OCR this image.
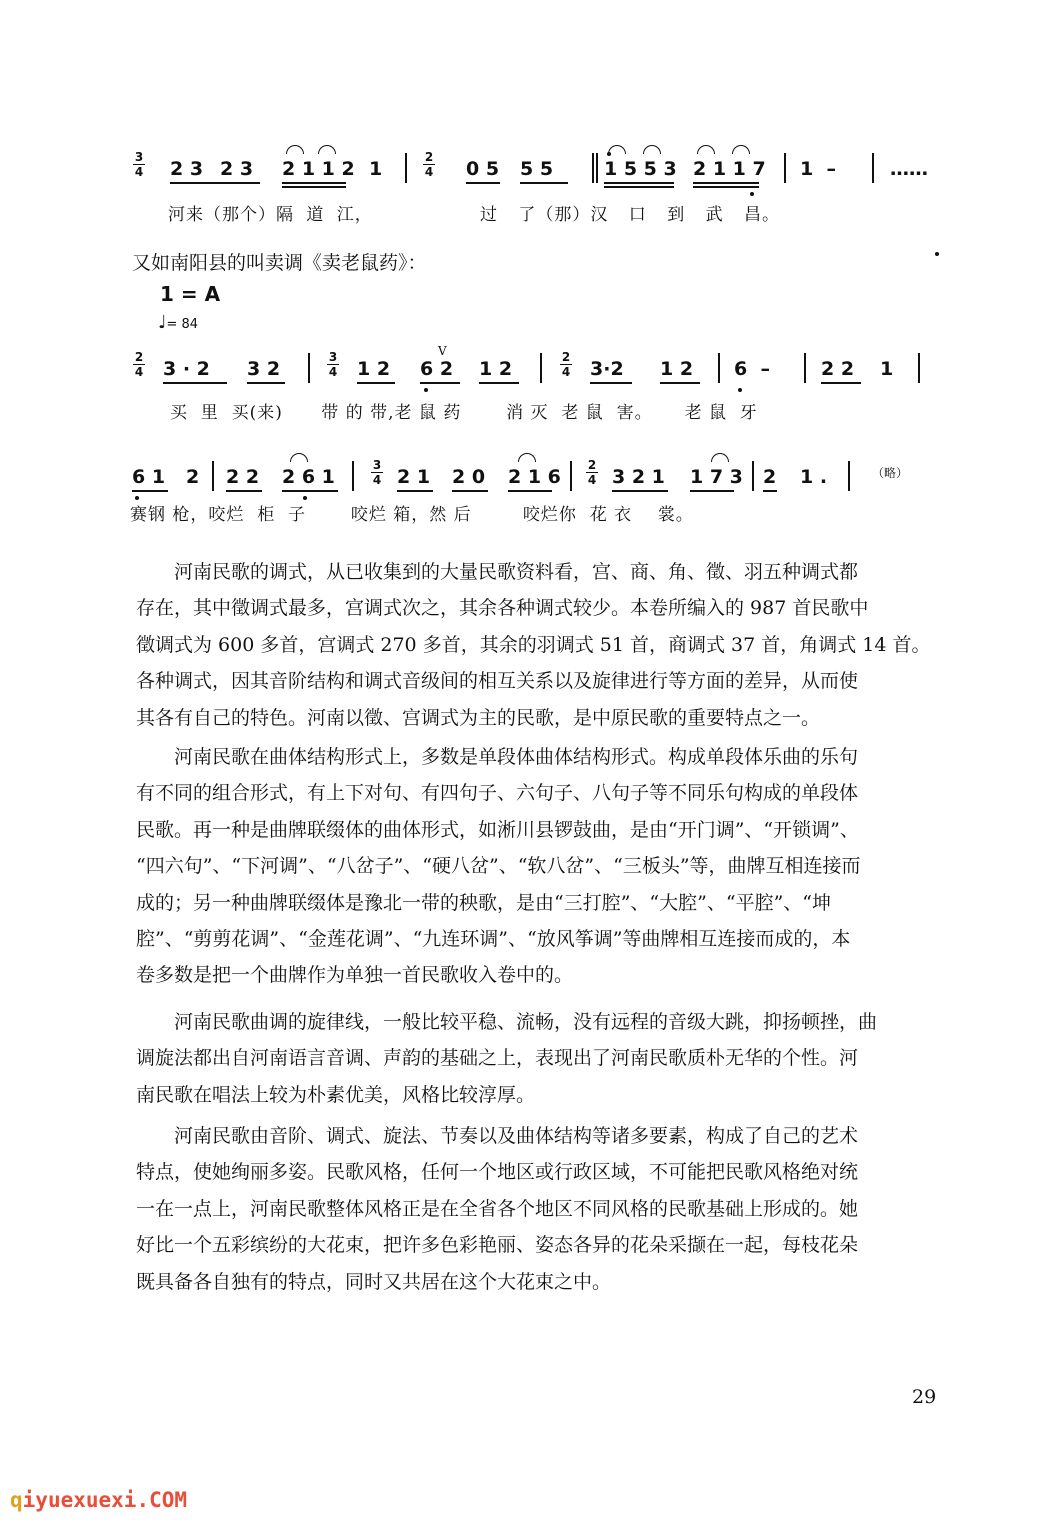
3
4 2 3 2 3 2 1 1 2 1
2
4 0 5 5 5	1 5 5 3 2 1 1 7 1  –	……
河来（那个）隔 道 江，	过 了（那）汉 口 到 武 昌。
又如南阳县的叫卖调《卖老鼠药》：
1 = A
♩= 84
2
4 3 · 2 3 2
3
4 1 2 6 2 1 2
V	2
4 3·2 1 2 6  –	2 2 1
买  里  买(来)      带 的 带,老 鼠 药       消 灭  老 鼠  害。     老 鼠  牙
6 1 2 2 2 2 6 1
3
4 2 1 2 0 2 1 6
2
4 3 2 1 1 7 3 2 1 .	（略）
赛钢 枪，咬烂  柜  子       咬烂 箱，然 后        咬烂你  花 衣    裳。
河南民歌的调式，从已收集到的大量民歌资料看，宫、商、角、徵、羽五种调式都
存在，其中徵调式最多，宫调式次之，其余各种调式较少。本卷所编入的 987 首民歌中
徵调式为 600 多首，宫调式 270 多首，其余的羽调式 51 首，商调式 37 首，角调式 14 首。
各种调式，因其音阶结构和调式音级间的相互关系以及旋律进行等方面的差异，从而使
其各有自己的特色。河南以徵、宫调式为主的民歌，是中原民歌的重要特点之一。
河南民歌在曲体结构形式上，多数是单段体曲体结构形式。构成单段体乐曲的乐句
有不同的组合形式，有上下对句、有四句子、六句子、八句子等不同乐句构成的单段体
民歌。再一种是曲牌联缀体的曲体形式，如淅川县锣鼓曲，是由“开门调”、“开锁调”、
“四六句”、“下河调”、“八岔子”、“硬八岔”、“软八岔”、“三板头”等，曲牌互相连接而
成的；另一种曲牌联缀体是豫北一带的秧歌，是由“三打腔”、“大腔”、“平腔”、“坤
腔”、“剪剪花调”、“金莲花调”、“九连环调”、“放风筝调”等曲牌相互连接而成的，本
卷多数是把一个曲牌作为单独一首民歌收入卷中的。
河南民歌曲调的旋律线，一般比较平稳、流畅，没有远程的音级大跳，抑扬顿挫，曲
调旋法都出自河南语言音调、声韵的基础之上，表现出了河南民歌质朴无华的个性。河
南民歌在唱法上较为朴素优美，风格比较淳厚。
河南民歌由音阶、调式、旋法、节奏以及曲体结构等诸多要素，构成了自己的艺术
特点，使她绚丽多姿。民歌风格，任何一个地区或行政区域，不可能把民歌风格绝对统
一在一点上，河南民歌整体风格正是在全省各个地区不同风格的民歌基础上形成的。她
好比一个五彩缤纷的大花束，把许多色彩艳丽、姿态各异的花朵采撷在一起，每枝花朵
既具备各自独有的特点，同时又共居在这个大花束之中。
29
qiyuexuexi.COM
